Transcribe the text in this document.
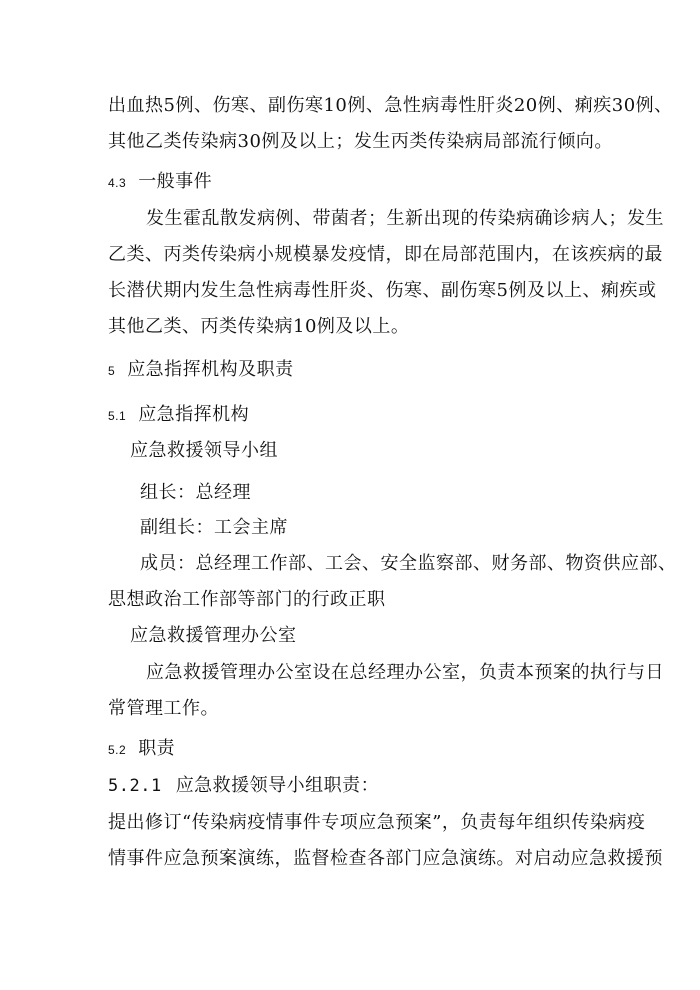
出血热5例、伤寒、副伤寒10例、急性病毒性肝炎20例、痢疾30例、
其他乙类传染病30例及以上；发生丙类传染病局部流行倾向。
4.3 一般事件
发生霍乱散发病例、带菌者；生新出现的传染病确诊病人；发生
乙类、丙类传染病小规模暴发疫情，即在局部范围内，在该疾病的最
长潜伏期内发生急性病毒性肝炎、伤寒、副伤寒5例及以上、痢疾或
其他乙类、丙类传染病10例及以上。
5 应急指挥机构及职责
5.1 应急指挥机构
应急救援领导小组
组长：总经理
副组长：工会主席
成员：总经理工作部、工会、安全监察部、财务部、物资供应部、
思想政治工作部等部门的行政正职
应急救援管理办公室
应急救援管理办公室设在总经理办公室，负责本预案的执行与日
常管理工作。
5.2 职责
5.2.1 应急救援领导小组职责：
提出修订“传染病疫情事件专项应急预案”，负责每年组织传染病疫
情事件应急预案演练，监督检查各部门应急演练。对启动应急救援预
